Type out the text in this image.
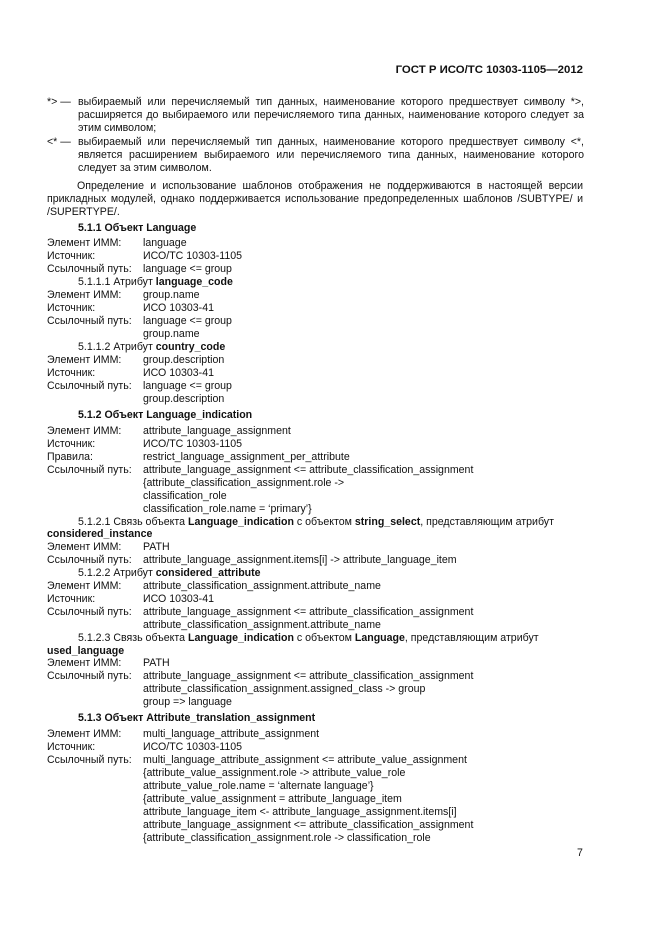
ГОСТ Р ИСО/ТС 10303-1105—2012
*> — выбираемый или перечисляемый тип данных, наименование которого предшествует символу *>, расширяется до выбираемого или перечисляемого типа данных, наименование которого следует за этим символом;
<* — выбираемый или перечисляемый тип данных, наименование которого предшествует символу <*, является расширением выбираемого или перечисляемого типа данных, наименование которого следует за этим символом.
Определение и использование шаблонов отображения не поддерживаются в настоящей версии прикладных модулей, однако поддерживается использование предопределенных шаблонов /SUBTYPE/ и /SUPERTYPE/.
5.1.1 Объект Language
Элемент ИММ: language
Источник:	ИСО/ТС 10303-1105
Ссылочный путь: language <= group
5.1.1.1 Атрибут language_code
Элемент ИММ: group.name
Источник:	ИСО 10303-41
Ссылочный путь: language <= group
group.name
5.1.1.2 Атрибут country_code
Элемент ИММ: group.description
Источник:	ИСО 10303-41
Ссылочный путь: language <= group
group.description
5.1.2 Объект Language_indication
Элемент ИММ: attribute_language_assignment
Источник:	ИСО/ТС 10303-1105
Правила:	restrict_language_assignment_per_attribute
Ссылочный путь: attribute_language_assignment <= attribute_classification_assignment
{attribute_classification_assignment.role ->
classification_role
classification_role.name = ‘primary’}
5.1.2.1 Связь объекта Language_indication с объектом string_select, представляющим атрибут
considered_instance
Элемент ИММ: PATH
Ссылочный путь: attribute_language_assignment.items[i] -> attribute_language_item
5.1.2.2 Атрибут considered_attribute
Элемент ИММ: attribute_classification_assignment.attribute_name
Источник:	ИСО 10303-41
Ссылочный путь: attribute_language_assignment <= attribute_classification_assignment
attribute_classification_assignment.attribute_name
5.1.2.3 Связь объекта Language_indication с объектом Language, представляющим атрибут
used_language
Элемент ИММ: PATH
Ссылочный путь: attribute_language_assignment <= attribute_classification_assignment
attribute_classification_assignment.assigned_class -> group
group => language
5.1.3 Объект Attribute_translation_assignment
Элемент ИММ: multi_language_attribute_assignment
Источник:	ИСО/ТС 10303-1105
Ссылочный путь: multi_language_attribute_assignment <= attribute_value_assignment
{attribute_value_assignment.role -> attribute_value_role
attribute_value_role.name = ‘alternate language’}
{attribute_value_assignment = attribute_language_item
attribute_language_item <- attribute_language_assignment.items[i]
attribute_language_assignment <= attribute_classification_assignment
{attribute_classification_assignment.role -> classification_role
7
